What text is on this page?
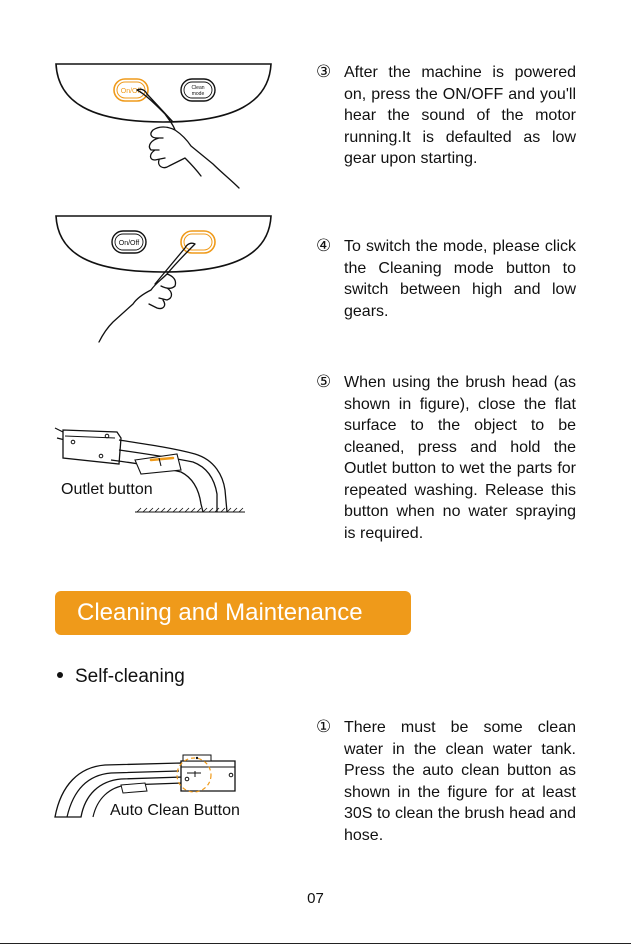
On/Off	Clean
mode
③ After the machine is powered on, press the ON/OFF and you'll hear the sound of the motor running.It is defaulted as low gear upon starting.
On/Off	④ To switch the mode, please click the Cleaning mode button to switch between high and low gears.
Outlet button
⑤ When using the brush head (as shown in figure), close the flat surface to the object to be cleaned, press and hold the Outlet button to wet the parts for repeated washing. Release this button when no water spraying is required.
Cleaning and Maintenance
Self-cleaning
Auto Clean Button
① There must be some clean water in the clean water tank. Press the auto clean button as shown in the figure for at least 30S to clean the brush head and hose.
07
